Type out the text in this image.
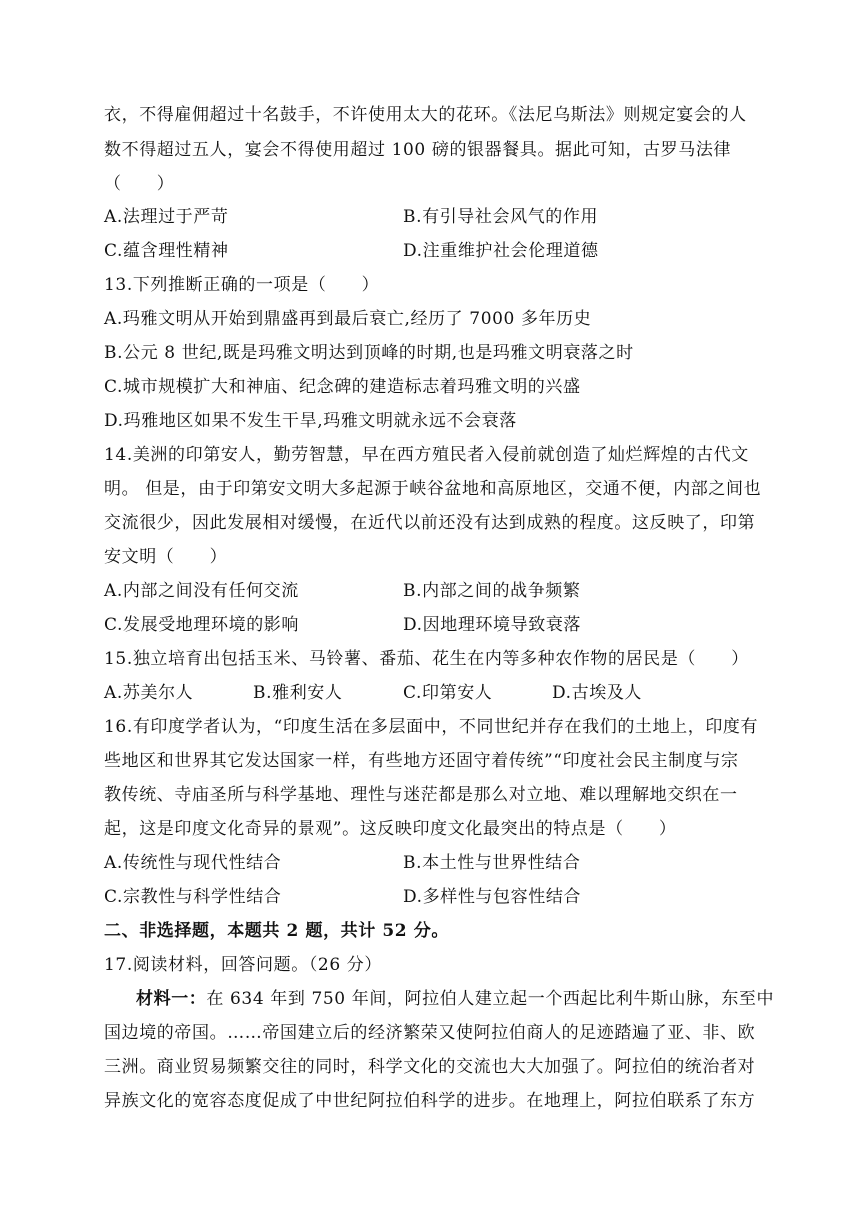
衣，不得雇佣超过十名鼓手，不许使用太大的花环。《法尼乌斯法》则规定宴会的人
数不得超过五人，宴会不得使用超过 100 磅的银器餐具。据此可知，古罗马法律
（　　）
A.法理过于严苛	B.有引导社会风气的作用
C.蕴含理性精神	D.注重维护社会伦理道德
13.下列推断正确的一项是（　　）
A.玛雅文明从开始到鼎盛再到最后衰亡,经历了 7000 多年历史
B.公元 8 世纪,既是玛雅文明达到顶峰的时期,也是玛雅文明衰落之时
C.城市规模扩大和神庙、纪念碑的建造标志着玛雅文明的兴盛
D.玛雅地区如果不发生干旱,玛雅文明就永远不会衰落
14.美洲的印第安人，勤劳智慧，早在西方殖民者入侵前就创造了灿烂辉煌的古代文
明。 但是，由于印第安文明大多起源于峡谷盆地和高原地区，交通不便，内部之间也
交流很少，因此发展相对缓慢，在近代以前还没有达到成熟的程度。这反映了，印第
安文明（　　）
A.内部之间没有任何交流	B.内部之间的战争频繁
C.发展受地理环境的影响	D.因地理环境导致衰落
15.独立培育出包括玉米、马铃薯、番茄、花生在内等多种农作物的居民是（　　）
A.苏美尔人	B.雅利安人	C.印第安人	D.古埃及人
16.有印度学者认为，“印度生活在多层面中，不同世纪并存在我们的土地上，印度有
些地区和世界其它发达国家一样，有些地方还固守着传统”“印度社会民主制度与宗
教传统、寺庙圣所与科学基地、理性与迷茫都是那么对立地、难以理解地交织在一
起，这是印度文化奇异的景观”。这反映印度文化最突出的特点是（　　）
A.传统性与现代性结合	B.本土性与世界性结合
C.宗教性与科学性结合	D.多样性与包容性结合
二、非选择题，本题共 2 题，共计 52 分。
17.阅读材料，回答问题。（26 分）
材料一：在 634 年到 750 年间，阿拉伯人建立起一个西起比利牛斯山脉，东至中
国边境的帝国。……帝国建立后的经济繁荣又使阿拉伯商人的足迹踏遍了亚、非、欧
三洲。商业贸易频繁交往的同时，科学文化的交流也大大加强了。阿拉伯的统治者对
异族文化的宽容态度促成了中世纪阿拉伯科学的进步。在地理上，阿拉伯联系了东方
